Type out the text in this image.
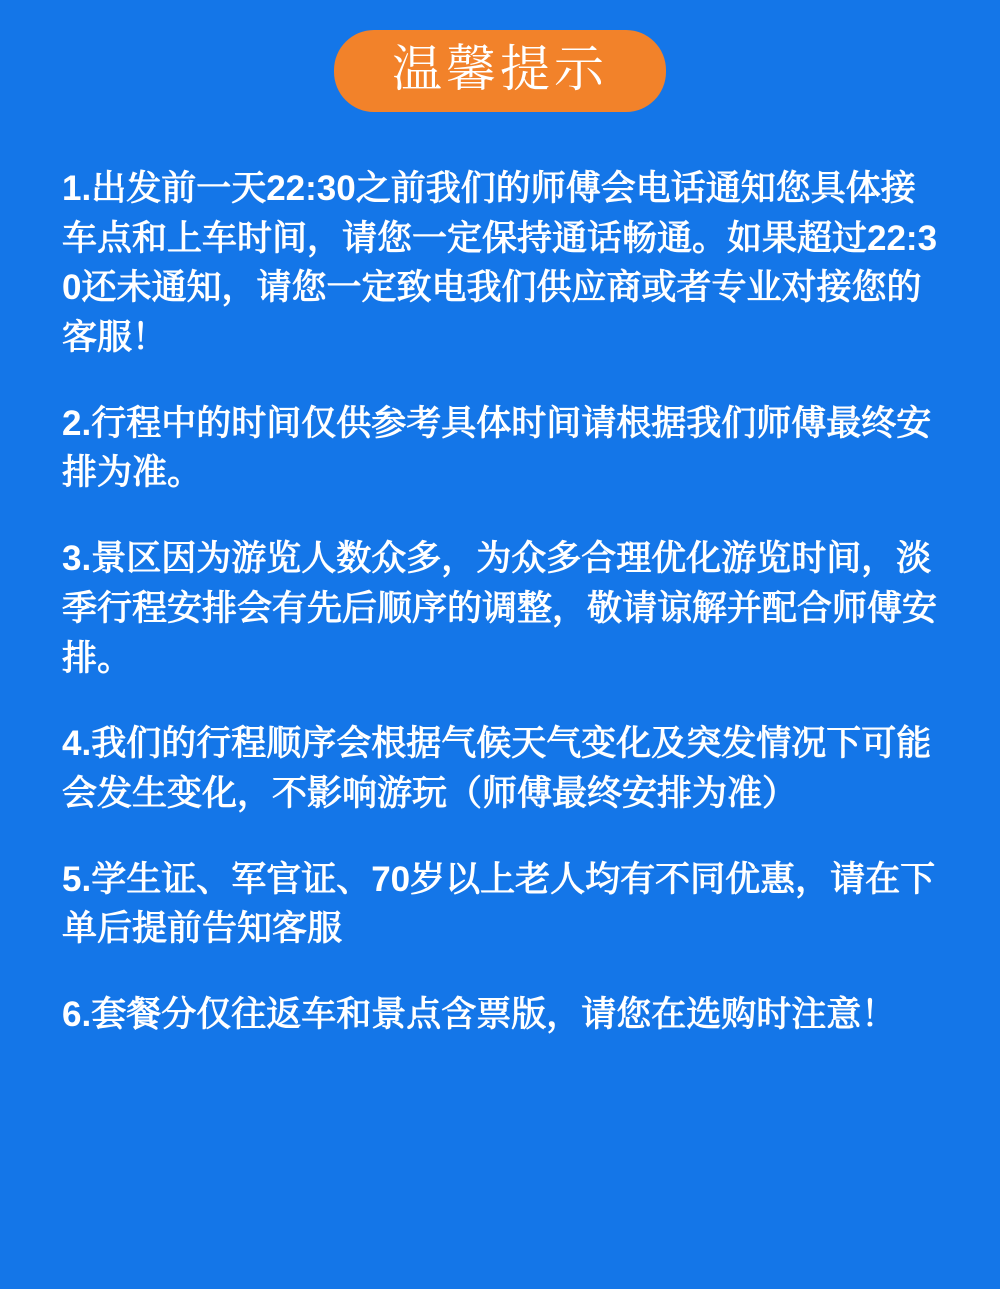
温馨提示

1.出发前一天22:30之前我们的师傅会电话通知您具体接车点和上车时间，请您一定保持通话畅通。如果超过22:30还未通知，请您一定致电我们供应商或者专业对接您的客服！

2.行程中的时间仅供参考具体时间请根据我们师傅最终安排为准。

3.景区因为游览人数众多，为众多合理优化游览时间，淡季行程安排会有先后顺序的调整，敬请谅解并配合师傅安排。

4.我们的行程顺序会根据气候天气变化及突发情况下可能会发生变化，不影响游玩（师傅最终安排为准）

5.学生证、军官证、70岁以上老人均有不同优惠，请在下单后提前告知客服

6.套餐分仅往返车和景点含票版，请您在选购时注意！
